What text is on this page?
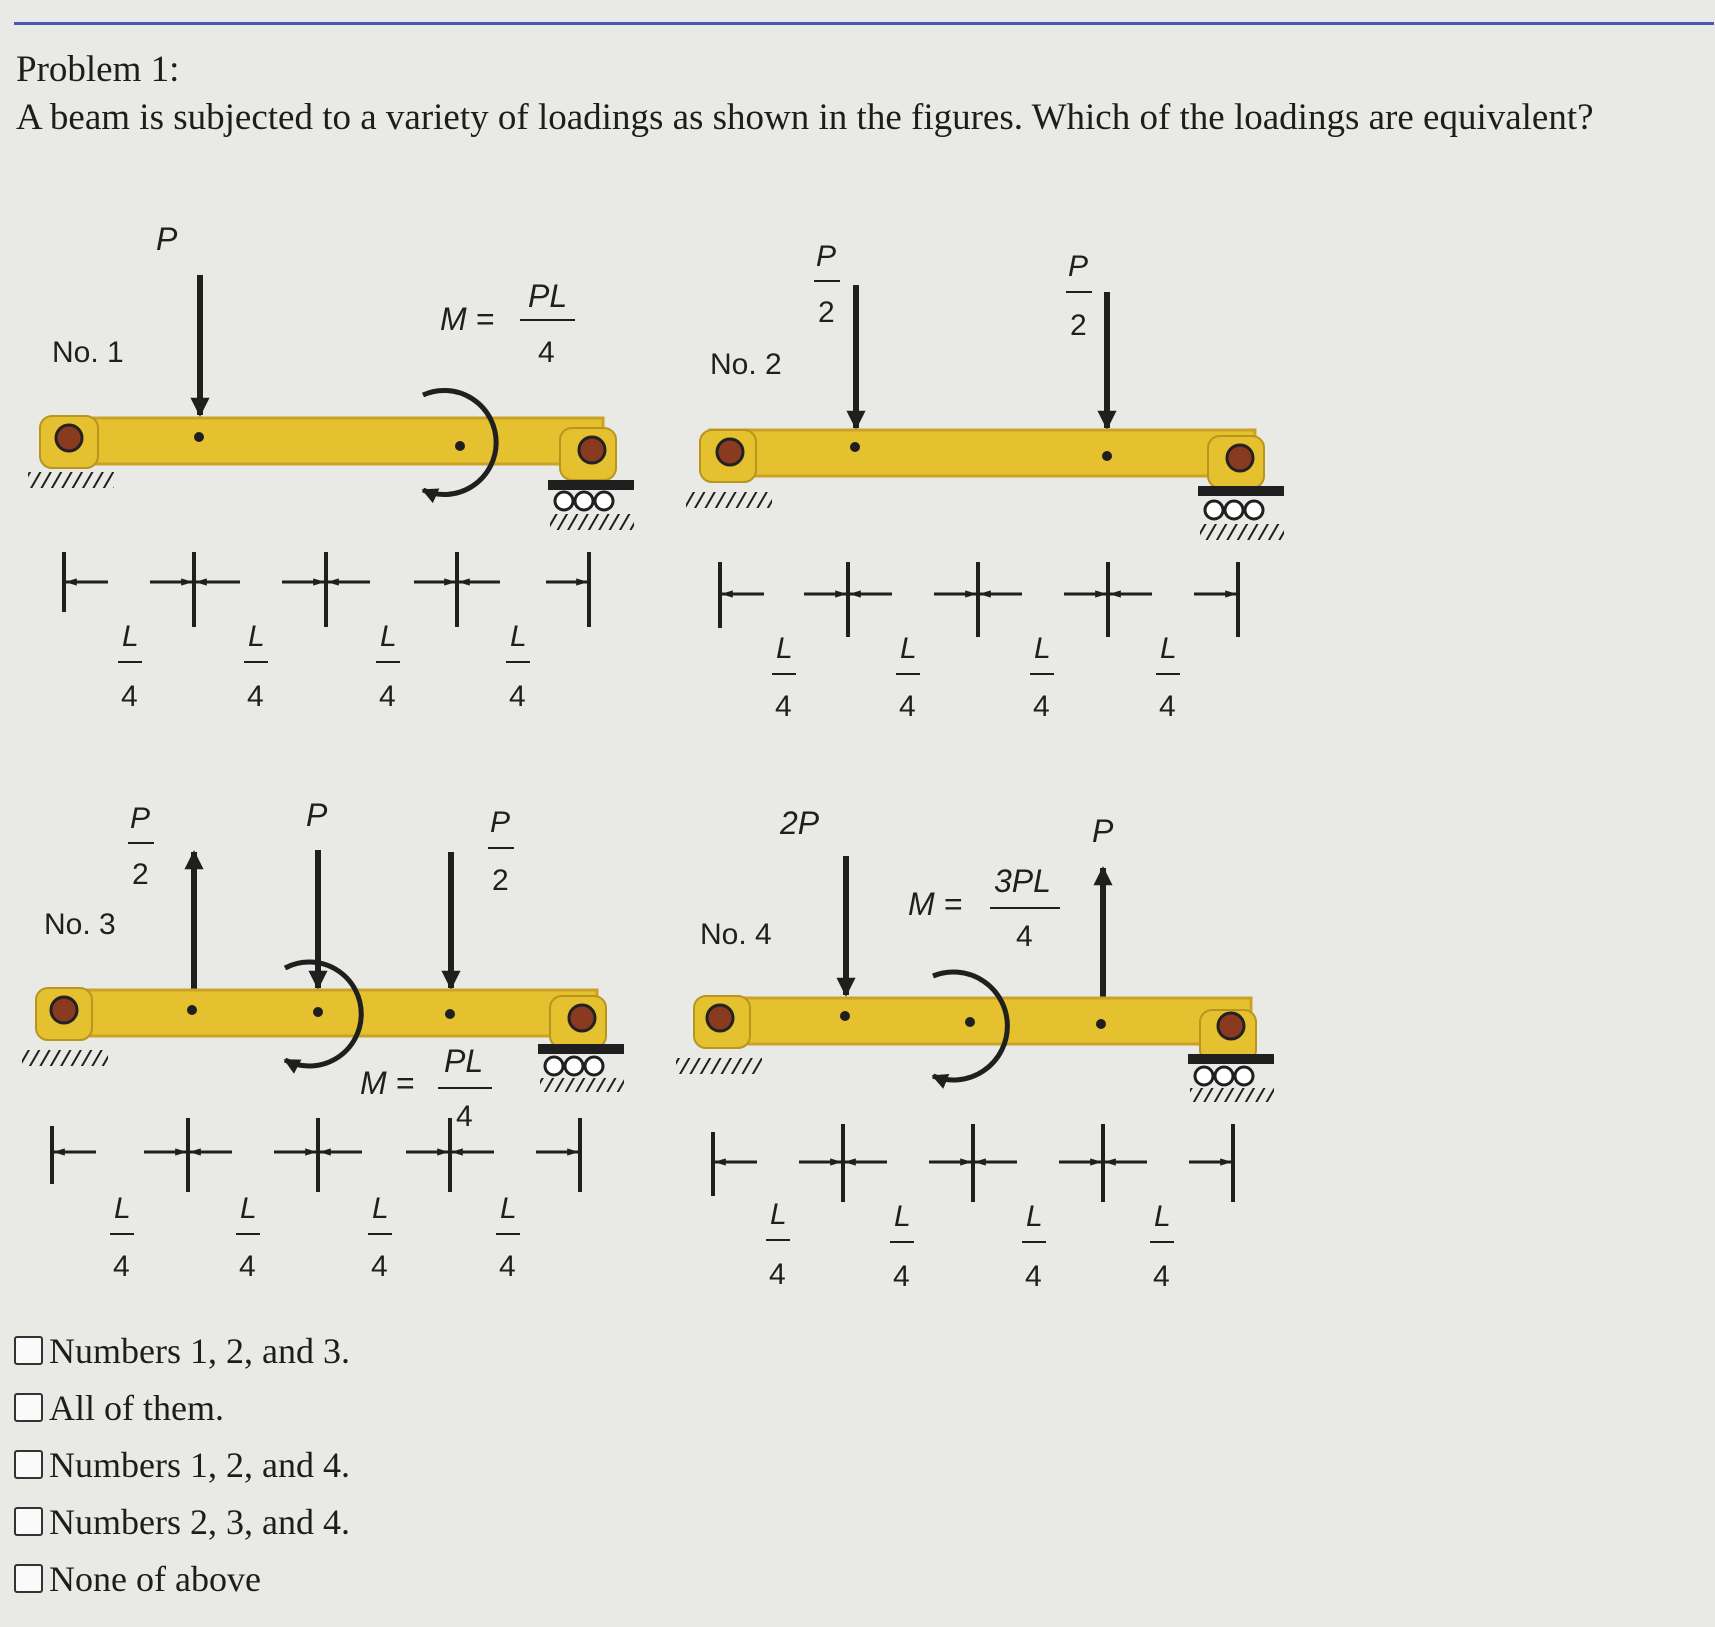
Problem 1:
A beam is subjected to a variety of loadings as shown in the figures. Which of the loadings are equivalent?
No. 1
P
M =
PL
4
L
4
L
4
L
4
L
4
No. 2
P
2
P
2
L
4
L
4
L
4
L
4
No. 3
P
2
P	P
2
M =
PL
4
L
4
L
4
L
4
L
4
No. 4
2P	P
M =
3PL
4
L
4
L
4
L
4
L
4
Numbers 1, 2, and 3.
All of them.
Numbers 1, 2, and 4.
Numbers 2, 3, and 4.
None of above
